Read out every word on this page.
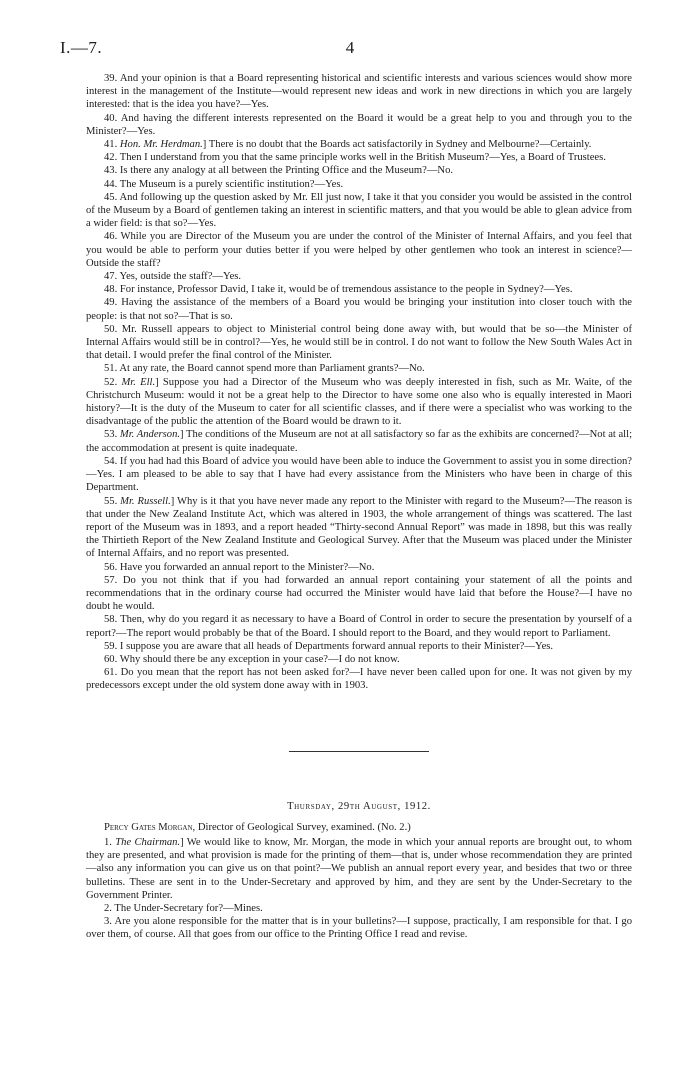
I.—7.	4

39. And your opinion is that a Board representing historical and scientific interests and various sciences would show more interest in the management of the Institute—would represent new ideas and work in new directions in which you are largely interested: that is the idea you have?—Yes.

40. And having the different interests represented on the Board it would be a great help to you and through you to the Minister?—Yes.

41. Hon. Mr. Herdman.] There is no doubt that the Boards act satisfactorily in Sydney and Melbourne?—Certainly.

42. Then I understand from you that the same principle works well in the British Museum?—Yes, a Board of Trustees.

43. Is there any analogy at all between the Printing Office and the Museum?—No.

44. The Museum is a purely scientific institution?—Yes.

45. And following up the question asked by Mr. Ell just now, I take it that you consider you would be assisted in the control of the Museum by a Board of gentlemen taking an interest in scientific matters, and that you would be able to glean advice from a wider field: is that so?—Yes.

46. While you are Director of the Museum you are under the control of the Minister of Internal Affairs, and you feel that you would be able to perform your duties better if you were helped by other gentlemen who took an interest in science?—Outside the staff?

47. Yes, outside the staff?—Yes.

48. For instance, Professor David, I take it, would be of tremendous assistance to the people in Sydney?—Yes.

49. Having the assistance of the members of a Board you would be bringing your institution into closer touch with the people: is that not so?—That is so.

50. Mr. Russell appears to object to Ministerial control being done away with, but would that be so—the Minister of Internal Affairs would still be in control?—Yes, he would still be in control. I do not want to follow the New South Wales Act in that detail. I would prefer the final control of the Minister.

51. At any rate, the Board cannot spend more than Parliament grants?—No.

52. Mr. Ell.] Suppose you had a Director of the Museum who was deeply interested in fish, such as Mr. Waite, of the Christchurch Museum: would it not be a great help to the Director to have some one also who is equally interested in Maori history?—It is the duty of the Museum to cater for all scientific classes, and if there were a specialist who was working to the disadvantage of the public the attention of the Board would be drawn to it.

53. Mr. Anderson.] The conditions of the Museum are not at all satisfactory so far as the exhibits are concerned?—Not at all; the accommodation at present is quite inadequate.

54. If you had had this Board of advice you would have been able to induce the Government to assist you in some direction?—Yes. I am pleased to be able to say that I have had every assistance from the Ministers who have been in charge of this Department.

55. Mr. Russell.] Why is it that you have never made any report to the Minister with regard to the Museum?—The reason is that under the New Zealand Institute Act, which was altered in 1903, the whole arrangement of things was scattered. The last report of the Museum was in 1893, and a report headed “Thirty-second Annual Report” was made in 1898, but this was really the Thirtieth Report of the New Zealand Institute and Geological Survey. After that the Museum was placed under the Minister of Internal Affairs, and no report was presented.

56. Have you forwarded an annual report to the Minister?—No.

57. Do you not think that if you had forwarded an annual report containing your statement of all the points and recommendations that in the ordinary course had occurred the Minister would have laid that before the House?—I have no doubt he would.

58. Then, why do you regard it as necessary to have a Board of Control in order to secure the presentation by yourself of a report?—The report would probably be that of the Board. I should report to the Board, and they would report to Parliament.

59. I suppose you are aware that all heads of Departments forward annual reports to their Minister?—Yes.

60. Why should there be any exception in your case?—I do not know.

61. Do you mean that the report has not been asked for?—I have never been called upon for one. It was not given by my predecessors except under the old system done away with in 1903.

Thursday, 29th August, 1912.

Percy Gates Morgan, Director of Geological Survey, examined. (No. 2.)

1. The Chairman.] We would like to know, Mr. Morgan, the mode in which your annual reports are brought out, to whom they are presented, and what provision is made for the printing of them—that is, under whose recommendation they are printed—also any information you can give us on that point?—We publish an annual report every year, and besides that two or three bulletins. These are sent in to the Under-Secretary and approved by him, and they are sent by the Under-Secretary to the Government Printer.

2. The Under-Secretary for?—Mines.

3. Are you alone responsible for the matter that is in your bulletins?—I suppose, practically, I am responsible for that. I go over them, of course. All that goes from our office to the Printing Office I read and revise.
